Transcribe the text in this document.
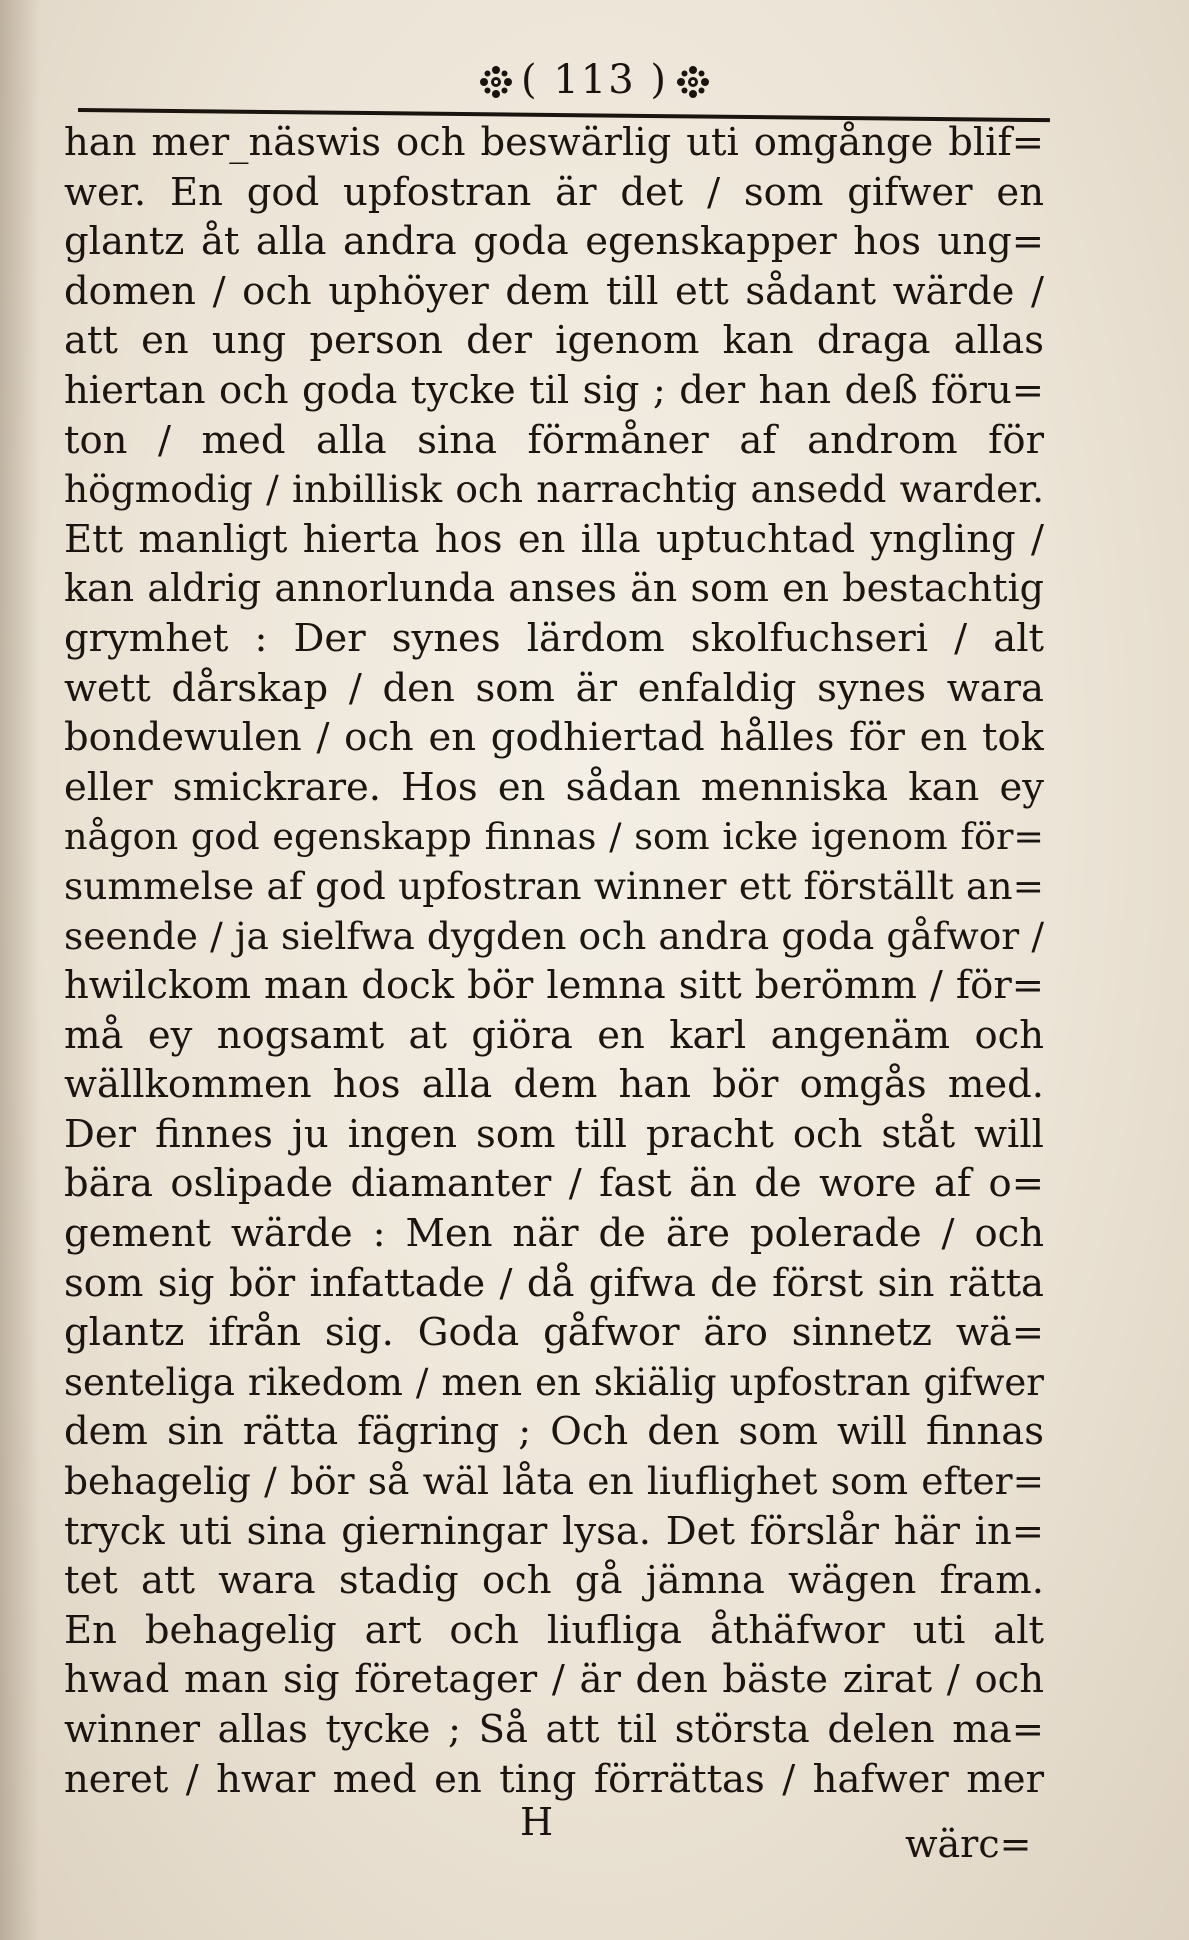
( 113 )
han mer_näswis och beswärlig uti omgånge blif=
wer. En god upfostran är det / som gifwer en
glantz åt alla andra goda egenskapper hos ung=
domen / och uphöyer dem till ett sådant wärde /
att en ung person der igenom kan draga allas
hiertan och goda tycke til sig ; der han deß föru=
ton / med alla sina förmåner af androm för
högmodig / inbillisk och narrachtig ansedd warder.
Ett manligt hierta hos en illa uptuchtad yngling /
kan aldrig annorlunda anses än som en bestachtig
grymhet : Der synes lärdom skolfuchseri / alt
wett dårskap / den som är enfaldig synes wara
bondewulen / och en godhiertad hålles för en tok
eller smickrare. Hos en sådan menniska kan ey
någon god egenskapp finnas / som icke igenom för=
summelse af god upfostran winner ett förställt an=
seende / ja sielfwa dygden och andra goda gåfwor /
hwilckom man dock bör lemna sitt berömm / för=
må ey nogsamt at giöra en karl angenäm och
wällkommen hos alla dem han bör omgås med.
Der finnes ju ingen som till pracht och ståt will
bära oslipade diamanter / fast än de wore af o=
gement wärde : Men när de äre polerade / och
som sig bör infattade / då gifwa de först sin rätta
glantz ifrån sig. Goda gåfwor äro sinnetz wä=
senteliga rikedom / men en skiälig upfostran gifwer
dem sin rätta fägring ; Och den som will finnas
behagelig / bör så wäl låta en liuflighet som efter=
tryck uti sina gierningar lysa. Det förslår här in=
tet att wara stadig och gå jämna wägen fram.
En behagelig art och liufliga åthäfwor uti alt
hwad man sig företager / är den bäste zirat / och
winner allas tycke ; Så att til största delen ma=
neret / hwar med en ting förrättas / hafwer mer
H	wärc=
